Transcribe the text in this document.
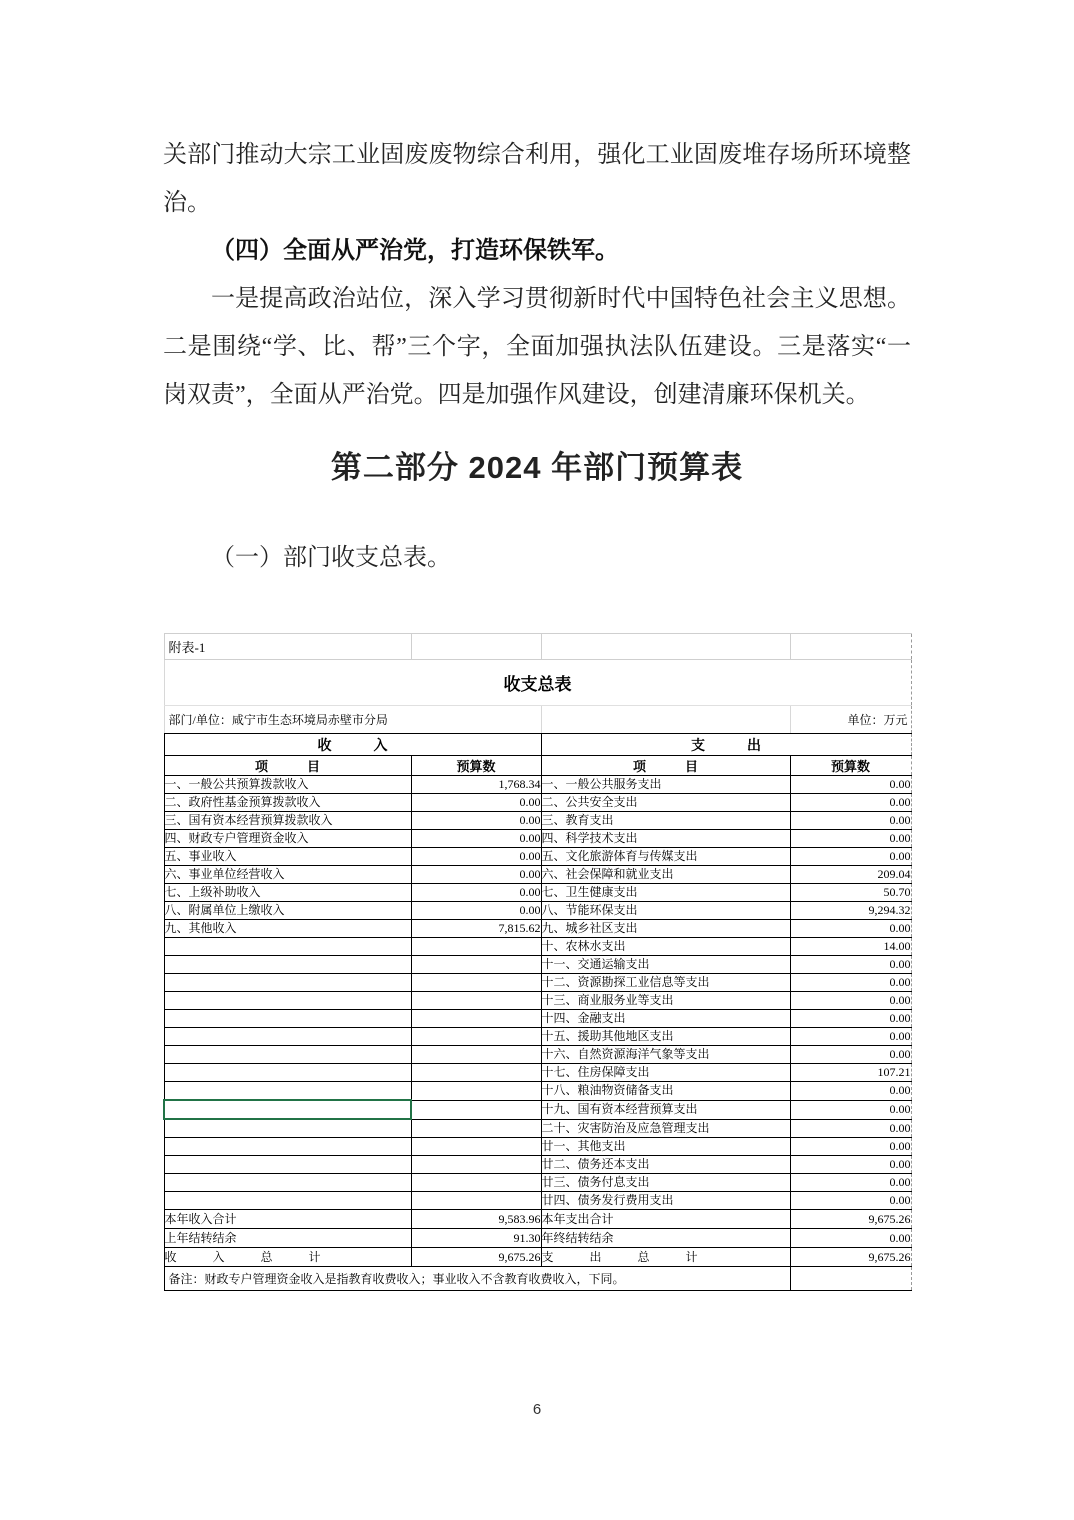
关部门推动大宗工业固废废物综合利用，强化工业固废堆存场所环境整治。
（四）全面从严治党，打造环保铁军。
一是提高政治站位，深入学习贯彻新时代中国特色社会主义思想。二是围绕“学、比、帮”三个字，全面加强执法队伍建设。三是落实“一岗双责”，全面从严治党。四是加强作风建设，创建清廉环保机关。
第二部分 2024 年部门预算表
（一）部门收支总表。
附表-1			
收支总表			
部门/单位：咸宁市生态环境局赤壁市分局			单位：万元
收　　　入		支　　　出	
项　　　目	预算数	项　　　目	预算数
一、一般公共预算拨款收入	1,768.34	一、一般公共服务支出	0.00
二、政府性基金预算拨款收入	0.00	二、公共安全支出	0.00
三、国有资本经营预算拨款收入	0.00	三、教育支出	0.00
四、财政专户管理资金收入	0.00	四、科学技术支出	0.00
五、事业收入	0.00	五、文化旅游体育与传媒支出	0.00
六、事业单位经营收入	0.00	六、社会保障和就业支出	209.04
七、上级补助收入	0.00	七、卫生健康支出	50.70
八、附属单位上缴收入	0.00	八、节能环保支出	9,294.32
九、其他收入	7,815.62	九、城乡社区支出	0.00
		十、农林水支出	14.00
		十一、交通运输支出	0.00
		十二、资源勘探工业信息等支出	0.00
		十三、商业服务业等支出	0.00
		十四、金融支出	0.00
		十五、援助其他地区支出	0.00
		十六、自然资源海洋气象等支出	0.00
		十七、住房保障支出	107.21
		十八、粮油物资储备支出	0.00
		十九、国有资本经营预算支出	0.00
		二十、灾害防治及应急管理支出	0.00
		廿一、其他支出	0.00
		廿二、债务还本支出	0.00
		廿三、债务付息支出	0.00
		廿四、债务发行费用支出	0.00
本年收入合计	9,583.96	本年支出合计	9,675.26
上年结转结余	91.30	年终结转结余	0.00
收　　　入　　　总　　　计	9,675.26	支　　　出　　　总　　　计	9,675.26
备注：财政专户管理资金收入是指教育收费收入；事业收入不含教育收费收入，下同。			
6
